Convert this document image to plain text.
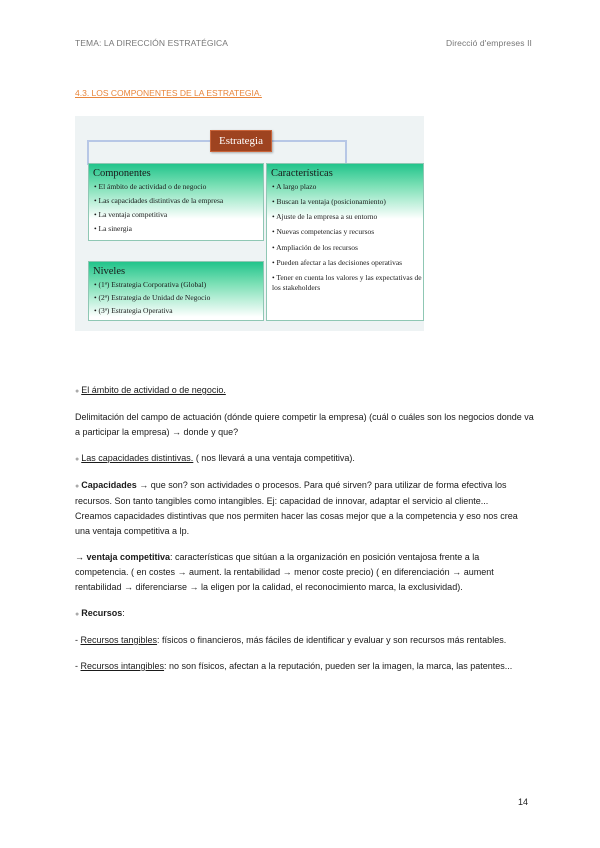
TEMA: LA DIRECCIÓN ESTRATÉGICA	Direcció d'empreses II
4.3. LOS COMPONENTES DE LA ESTRATEGIA.
Estrategia
Componentes
• El ámbito de actividad o de negocio
• Las capacidades distintivas de la empresa
• La ventaja competitiva
• La sinergia
Niveles
• (1ª) Estrategia Corporativa (Global)
• (2ª) Estrategia de Unidad de Negocio
• (3ª) Estrategia Operativa
Características
• A largo plazo
• Buscan la ventaja (posicionamiento)
• Ajuste de la empresa a su entorno
• Nuevas competencias y recursos
• Ampliación de los recursos
• Pueden afectar a las decisiones operativas
• Tener en cuenta los valores y las expectativas de los stakeholders

● El ámbito de actividad o de negocio.

Delimitación del campo de actuación (dónde quiere competir la empresa) (cuál o cuáles son los negocios donde va a participar la empresa) → donde y que?

● Las capacidades distintivas. ( nos llevará a una ventaja competitiva).

● Capacidades → que son? son actividades o procesos. Para qué sirven? para utilizar de forma efectiva los recursos. Son tanto tangibles como intangibles. Ej: capacidad de innovar, adaptar el servicio al cliente...

Creamos capacidades distintivas que nos permiten hacer las cosas mejor que a la competencia y eso nos crea una ventaja competitiva a lp.

→ ventaja competitiva: características que sitúan a la organización en posición ventajosa frente a la competencia. ( en costes → aument. la rentabilidad → menor coste precio) ( en diferenciación → aument rentabilidad → diferenciarse → la eligen por la calidad, el reconocimiento marca, la exclusividad).

● Recursos:

- Recursos tangibles: físicos o financieros, más fáciles de identificar y evaluar y son recursos más rentables.

- Recursos intangibles: no son físicos, afectan a la reputación, pueden ser la imagen, la marca, las patentes...

14
